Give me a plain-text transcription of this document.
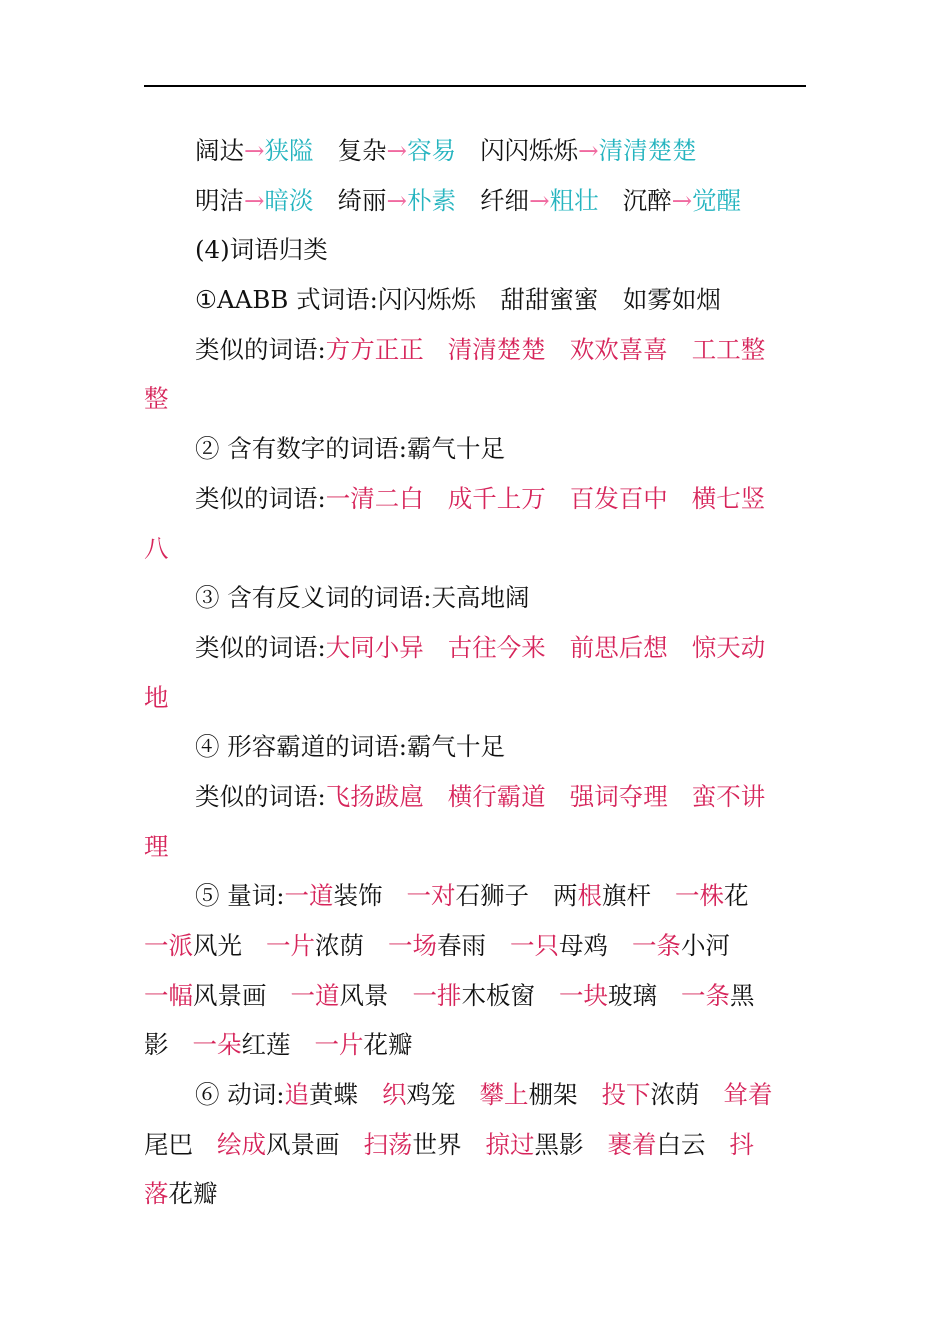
阔达→狭隘 复杂→容易 闪闪烁烁→清清楚楚
明洁→暗淡 绮丽→朴素 纤细→粗壮 沉醉→觉醒
(4)词语归类
①AABB 式词语:闪闪烁烁　甜甜蜜蜜　如雾如烟
类似的词语:方方正正 清清楚楚 欢欢喜喜 工工整
整
② 含有数字的词语:霸气十足
类似的词语:一清二白 成千上万 百发百中 横七竖
八
③ 含有反义词的词语:天高地阔
类似的词语:大同小异 古往今来 前思后想 惊天动
地
④ 形容霸道的词语:霸气十足
类似的词语:飞扬跋扈 横行霸道 强词夺理 蛮不讲
理
⑤ 量词:一道装饰 一对石狮子 两根旗杆 一株花
一派风光 一片浓荫 一场春雨 一只母鸡 一条小河
一幅风景画 一道风景 一排木板窗 一块玻璃 一条黑
影 一朵红莲 一片花瓣
⑥ 动词:追黄蝶 织鸡笼 攀上棚架 投下浓荫 耸着
尾巴 绘成风景画 扫荡世界 掠过黑影 裹着白云 抖
落花瓣
